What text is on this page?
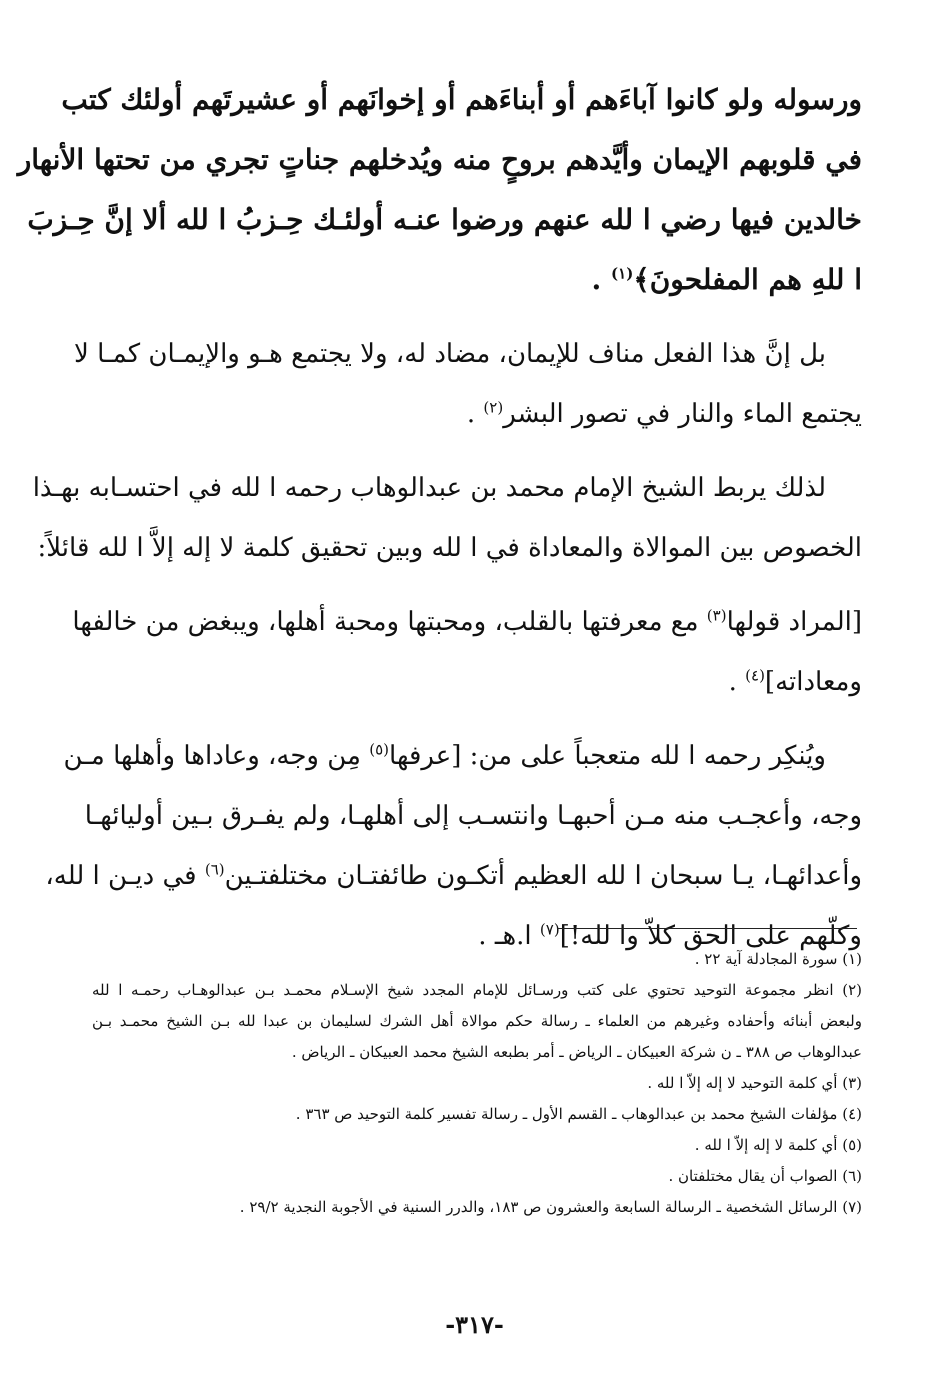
ورسوله ولو كانوا آباءَهم أو أبناءَهم أو إخوانَهم أو عشيرتَهم أولئك كتب
في قلوبهم الإيمان وأيَّدهم بروحٍ منه ويُدخلهم جناتٍ تجري من تحتها الأنهار
خالدين فيها رضي ا لله عنهم ورضوا عنـه أولئـك حِـزبُ ا لله ألا إنَّ حِـزبَ
ا للهِ هم المفلحونَ﴾$^{(١)}$ .
بل إنَّ هذا الفعل مناف للإيمان، مضاد له، ولا يجتمع هـو والإيمـان كمـا لا
يجتمع الماء والنار في تصور البشر$^{(٢)}$ .
لذلك يربط الشيخ الإمام محمد بن عبدالوهاب رحمه ا لله في احتسـابه بهـذا
الخصوص بين الموالاة والمعاداة في ا لله وبين تحقيق كلمة لا إله إلاَّ ا لله قائلاً:
[المراد قولها$^{(٣)}$ مع معرفتها بالقلب، ومحبتها ومحبة أهلها، ويبغض من خالفها
ومعاداته]$^{(٤)}$ .
ويُنكِر رحمه ا لله متعجباً على من: [عرفها$^{(٥)}$ مِن وجه، وعاداها وأهلها مـن
وجه، وأعجـب منه مـن أحبهـا وانتسـب إلى أهلهـا، ولم يفـرق بـين أوليائهـا
وأعدائهـا، يـا سبحان ا لله العظيم أتكـون طائفتـان مختلفتـين$^{(٦)}$ في ديـن ا لله،
وكلّهم على الحق كلاّ وا لله!]$^{(٧)}$ ا.هـ .
(١) سورة المجادلة آية ٢٢ .
(٢) انظر مجموعة التوحيد تحتوي على كتب ورسـائل للإمام المجدد شيخ الإسـلام محمـد بـن عبدالوهـاب رحمـه ا لله
ولبعض أبنائه وأحفاده وغيرهم من العلماء ـ رسالة حكم موالاة أهل الشرك لسليمان بن عبدا لله بـن الشيخ محمـد بـن
عبدالوهاب ص ٣٨٨ ـ ن شركة العبيكان ـ الرياض ـ أمر بطبعه الشيخ محمد العبيكان ـ الرياض .
(٣) أي كلمة التوحيد لا إله إلاّ ا لله .
(٤) مؤلفات الشيخ محمد بن عبدالوهاب ـ القسم الأول ـ رسالة تفسير كلمة التوحيد ص ٣٦٣ .
(٥) أي كلمة لا إله إلاّ ا لله .
(٦) الصواب أن يقال مختلفتان .
(٧) الرسائل الشخصية ـ الرسالة السابعة والعشرون ص ١٨٣، والدرر السنية في الأجوبة النجدية ٢٩/٢ .
-٣١٧-
